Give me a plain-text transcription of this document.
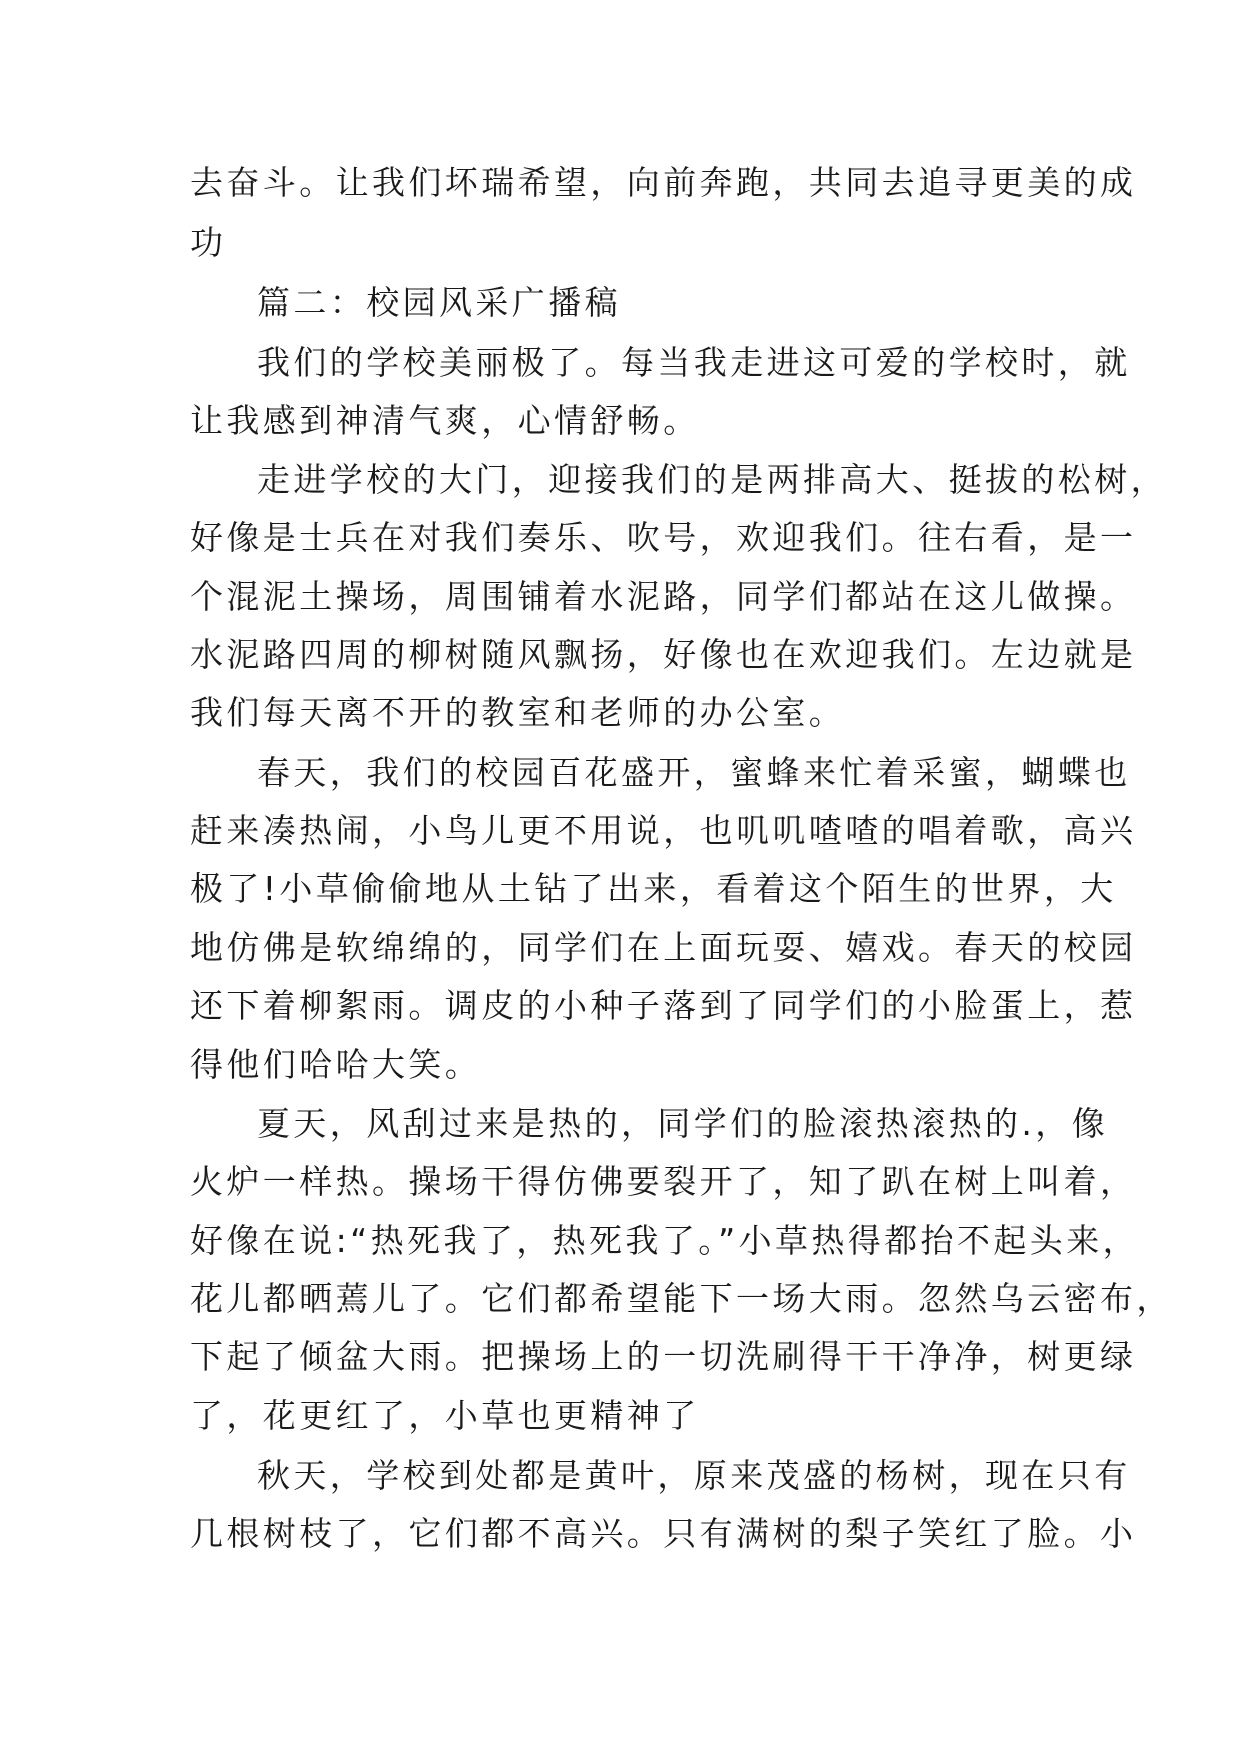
去奋斗。让我们坏瑞希望，向前奔跑，共同去追寻更美的成
功
篇二：校园风采广播稿
我们的学校美丽极了。每当我走进这可爱的学校时，就
让我感到神清气爽，心情舒畅。
走进学校的大门，迎接我们的是两排高大、挺拔的松树，
好像是士兵在对我们奏乐、吹号，欢迎我们。往右看，是一
个混泥土操场，周围铺着水泥路，同学们都站在这儿做操。
水泥路四周的柳树随风飘扬，好像也在欢迎我们。左边就是
我们每天离不开的教室和老师的办公室。
春天，我们的校园百花盛开，蜜蜂来忙着采蜜，蝴蝶也
赶来凑热闹，小鸟儿更不用说，也叽叽喳喳的唱着歌，高兴
极了!小草偷偷地从土钻了出来，看着这个陌生的世界，大
地仿佛是软绵绵的，同学们在上面玩耍、嬉戏。春天的校园
还下着柳絮雨。调皮的小种子落到了同学们的小脸蛋上，惹
得他们哈哈大笑。
夏天，风刮过来是热的，同学们的脸滚热滚热的.，像
火炉一样热。操场干得仿佛要裂开了，知了趴在树上叫着，
好像在说:“热死我了，热死我了。”小草热得都抬不起头来，
花儿都晒蔫儿了。它们都希望能下一场大雨。忽然乌云密布，
下起了倾盆大雨。把操场上的一切洗刷得干干净净，树更绿
了，花更红了，小草也更精神了
秋天，学校到处都是黄叶，原来茂盛的杨树，现在只有
几根树枝了，它们都不高兴。只有满树的梨子笑红了脸。小
